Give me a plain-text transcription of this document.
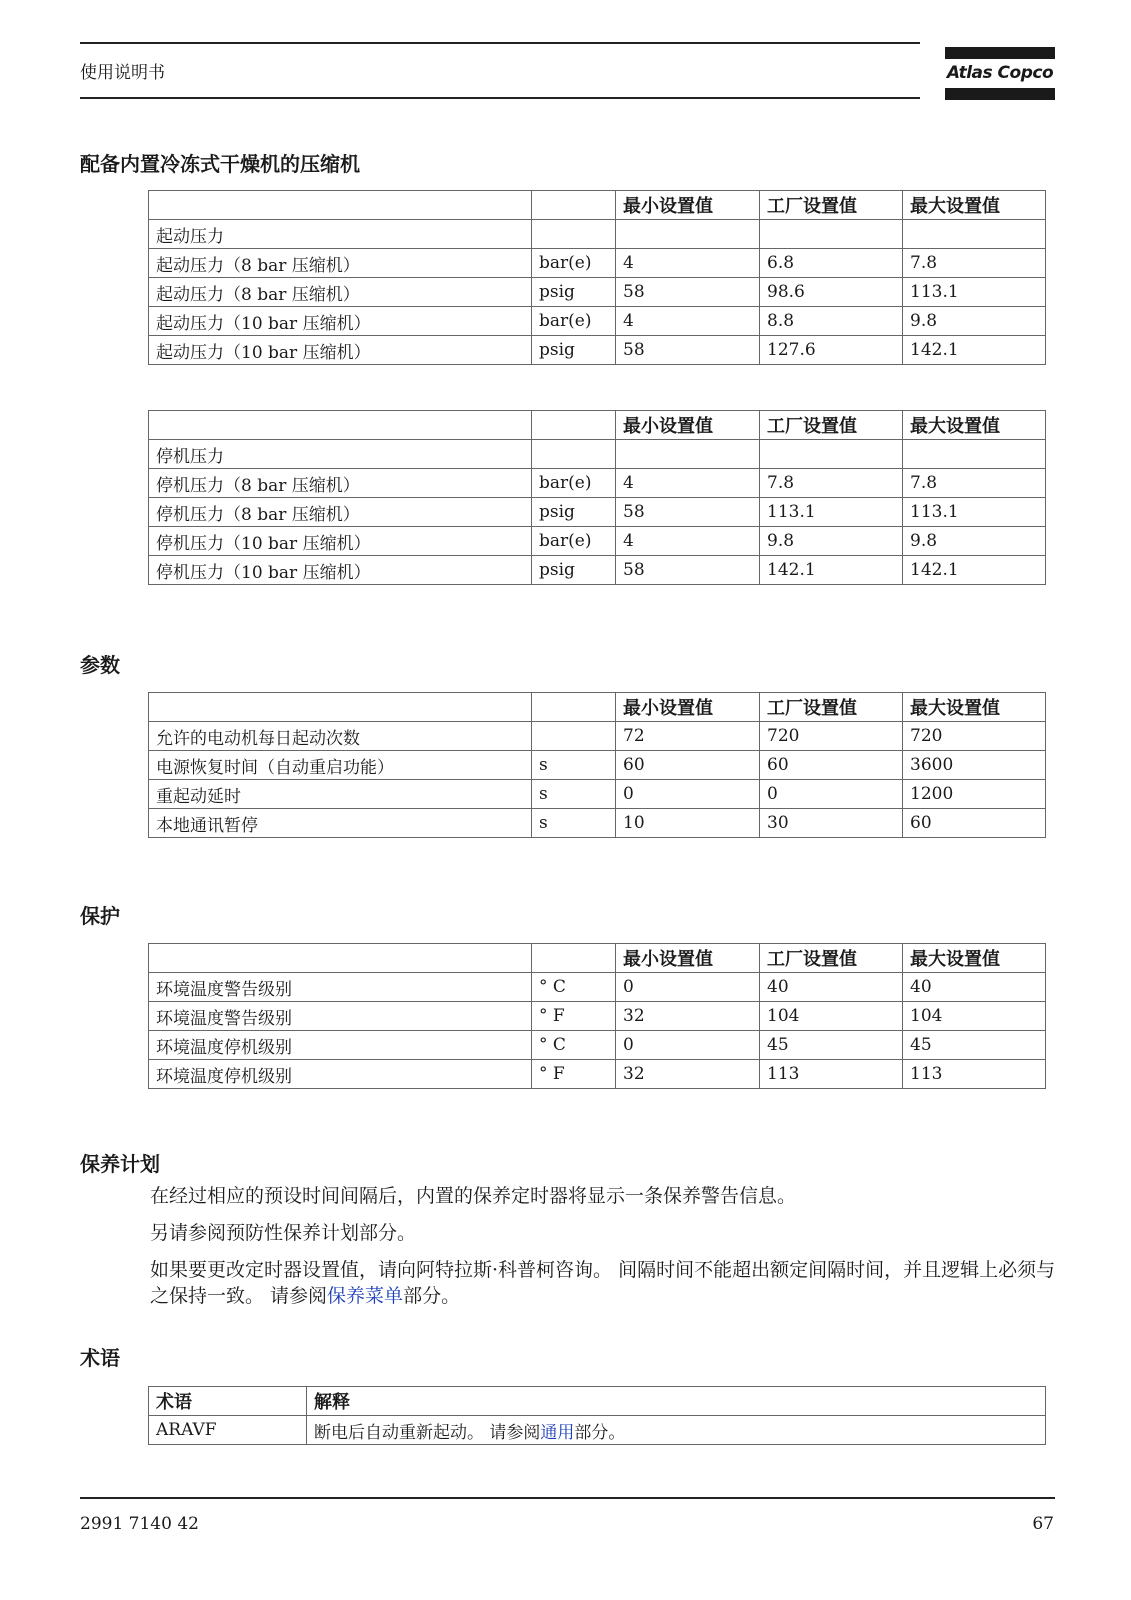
使用说明书	Atlas Copco
配备内置冷冻式干燥机的压缩机
		最小设置值	工厂设置值	最大设置值
起动压力				
起动压力（8 bar 压缩机）	bar(e)	4	6.8	7.8
起动压力（8 bar 压缩机）	psig	58	98.6	113.1
起动压力（10 bar 压缩机）	bar(e)	4	8.8	9.8
起动压力（10 bar 压缩机）	psig	58	127.6	142.1
		最小设置值	工厂设置值	最大设置值
停机压力				
停机压力（8 bar 压缩机）	bar(e)	4	7.8	7.8
停机压力（8 bar 压缩机）	psig	58	113.1	113.1
停机压力（10 bar 压缩机）	bar(e)	4	9.8	9.8
停机压力（10 bar 压缩机）	psig	58	142.1	142.1
参数
		最小设置值	工厂设置值	最大设置值
允许的电动机每日起动次数		72	720	720
电源恢复时间（自动重启功能）	s	60	60	3600
重起动延时	s	0	0	1200
本地通讯暂停	s	10	30	60
保护
		最小设置值	工厂设置值	最大设置值
环境温度警告级别	° C	0	40	40
环境温度警告级别	° F	32	104	104
环境温度停机级别	° C	0	45	45
环境温度停机级别	° F	32	113	113
保养计划
在经过相应的预设时间间隔后，内置的保养定时器将显示一条保养警告信息。
另请参阅预防性保养计划部分。
如果要更改定时器设置值，请向阿特拉斯·科普柯咨询。 间隔时间不能超出额定间隔时间，并且逻辑上必须与之保持一致。 请参阅保养菜单部分。
术语
术语	解释
ARAVF	断电后自动重新起动。 请参阅通用部分。
2991 7140 42	67
